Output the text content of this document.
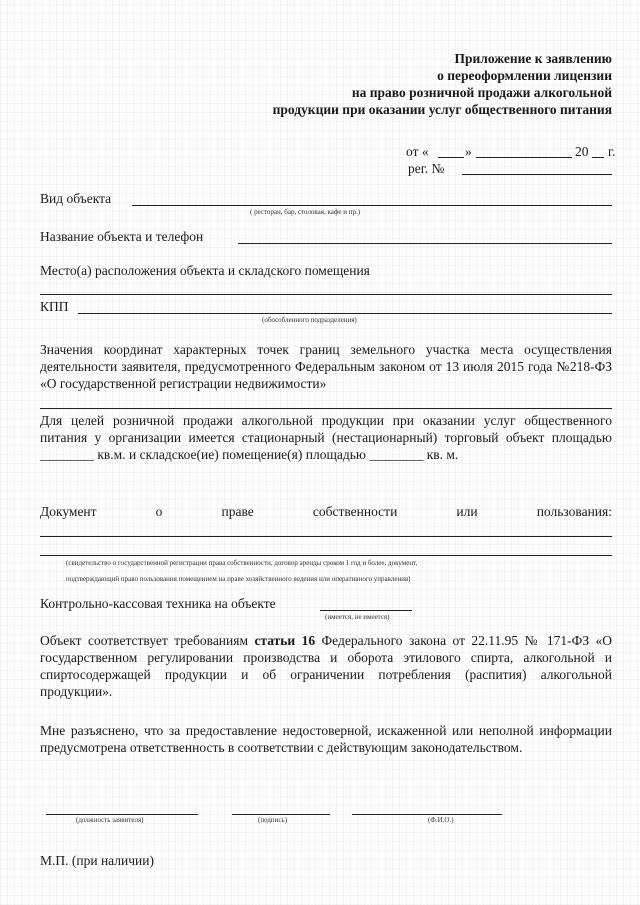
Приложение к заявлению
о переоформлении лицензии
на право розничной продажи алкогольной
продукции при оказании услуг общественного питания
от «	»	20 г.
рег. №
Вид объекта
( ресторан, бар, столовая, кафе и пр.)
Название объекта и телефон
Место(а) расположения объекта и складского помещения
КПП
(обособленного подразделения)
Значения координат характерных точек границ земельного участка места осуществления деятельности заявителя, предусмотренного Федеральным законом от 13 июля 2015 года №218-ФЗ «О государственной регистрации недвижимости»
Для целей розничной продажи алкогольной продукции при оказании услуг общественного питания у организации имеется стационарный (нестационарный) торговый объект площадью ________ кв.м. и складское(ие) помещение(я) площадью ________ кв. м.
Документ	о	праве	собственности	или	пользования:
(свидетельство о государственной регистрации права собственности, договор аренды сроком 1 год и более, документ,
подтверждающий право пользования помещением на праве хозяйственного ведения или оперативного управления)
Контрольно-кассовая техника на объекте
(имеется, не имеется)
Объект соответствует требованиям статьи 16 Федерального закона от 22.11.95 № 171-ФЗ «О государственном регулировании производства и оборота этилового спирта, алкогольной и спиртосодержащей продукции и об ограничении потребления (распития) алкогольной продукции».
Мне разъяснено, что за предоставление недостоверной, искаженной или неполной информации предусмотрена ответственность в соответствии с действующим законодательством.
(должность заявителя)	(подпись)	(Ф.И.О.)
М.П. (при наличии)
